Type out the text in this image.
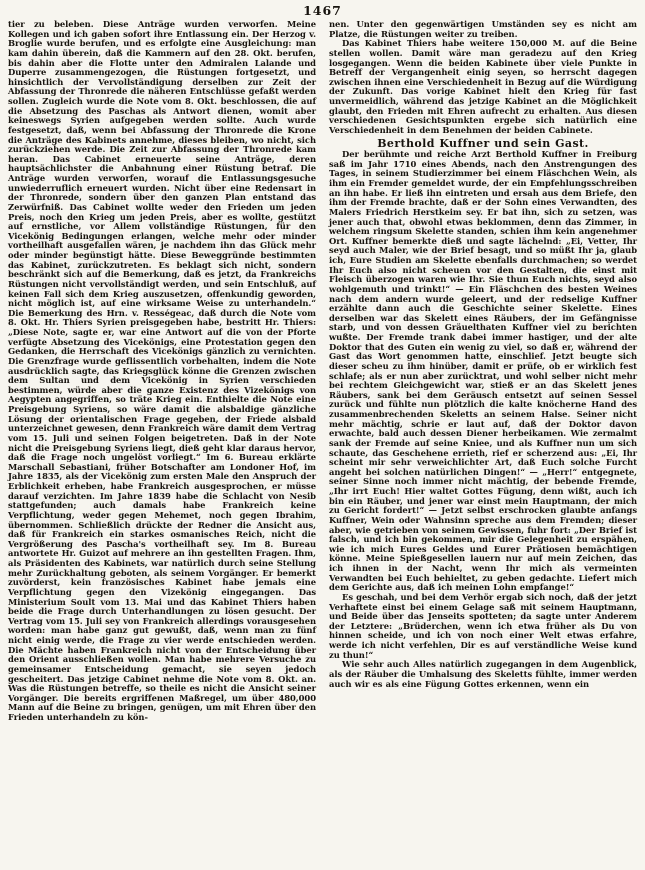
1467

tier zu beleben. Diese Anträge wurden verworfen. Meine Kollegen und ich gaben sofort ihre Entlassung ein. Der Herzog v. Broglie wurde berufen, und es erfolgte eine Ausgleichung: man kam dahin überein, daß die Kammern auf den 28. Okt. berufen, bis dahin aber die Flotte unter den Admiralen Lalande und Duperre zusammengezogen, die Rüstungen fortgesetzt, und hinsichtlich der Vervollständigung derselben zur Zeit der Abfassung der Thronrede die näheren Entschlüsse gefaßt werden sollen. Zugleich wurde die Note vom 8. Okt. beschlossen, die auf die Absetzung des Paschas als Antwort dienen, womit aber keineswegs Syrien aufgegeben werden sollte. Auch wurde festgesetzt, daß, wenn bei Abfassung der Thronrede die Krone die Anträge des Kabinets annehme, dieses bleiben, wo nicht, sich zurückziehen werde. Die Zeit zur Abfassung der Thronrede kam heran. Das Cabinet erneuerte seine Anträge, deren hauptsächlichster die Anbahnung einer Rüstung betraf. Die Anträge wurden verworfen, worauf die Entlassungsgesuche unwiederruflich erneuert wurden. Nicht über eine Redensart in der Thronrede, sondern über den ganzen Plan entstand das Zerwürfniß. Das Cabinet wollte weder den Frieden um jeden Preis, noch den Krieg um jeden Preis, aber es wollte, gestützt auf ernstliche, vor Allem vollständige Rüstungen, für den Vicekönig Bedingungen erlangen, welche mehr oder minder vortheilhaft ausgefallen wären, je nachdem ihn das Glück mehr oder minder begünstigt hätte. Diese Beweggründe bestimmten das Kabinet, zurückzutreten. Es beklagt sich nicht, sondern beschränkt sich auf die Bemerkung, daß es jetzt, da Frankreichs Rüstungen nicht vervollständigt werden, und sein Entschluß, auf keinen Fall sich dem Krieg auszusetzen, offenkundig geworden, nicht möglich ist, auf eine wirksame Weise zu unterhandeln.“ Die Bemerkung des Hrn. v. Rességeac, daß durch die Note vom 8. Okt. Hr. Thiers Syrien preisgegeben habe, bestritt Hr. Thiers: „Diese Note, sagte er, war eine Antwort auf die von der Pforte verfügte Absetzung des Vicekönigs, eine Protestation gegen den Gedanken, die Herrschaft des Vicekönigs gänzlich zu vernichten. Die Grenzfrage wurde geflissentlich vorbehalten, indem die Note ausdrücklich sagte, das Kriegsglück könne die Grenzen zwischen dem Sultan und dem Vicekönig in Syrien verschieden bestimmen, würde aber die ganze Existenz des Vizekönigs von Aegypten angegriffen, so träte Krieg ein. Enthielte die Note eine Preisgebung Syriens, so wäre damit die alsbaldige gänzliche Lösung der orientalischen Frage gegeben, der Friede alsbald unterzeichnet gewesen, denn Frankreich wäre damit dem Vertrag vom 15. Juli und seinen Folgen beigetreten. Daß in der Note nicht die Preisgebung Syriens liegt, dieß geht klar daraus hervor, daß die Frage noch ungelöst vorliegt.“ Im 6. Bureau erklärte Marschall Sebastiani, früher Botschafter am Londoner Hof, im Jahre 1835, als der Vicekönig zum ersten Male den Anspruch der Erblichkeit erheben, habe Frankreich ausgesprochen, er müsse darauf verzichten. Im Jahre 1839 habe die Schlacht von Nesib stattgefunden; auch damals habe Frankreich keine Verpflichtung, weder gegen Mehemet, noch gegen Ibrahim, übernommen. Schließlich drückte der Redner die Ansicht aus, daß für Frankreich ein starkes osmanisches Reich, nicht die Vergrößerung des Pascha's vortheilhaft sey. Im 8. Bureau antwortete Hr. Guizot auf mehrere an ihn gestellten Fragen. Ihm, als Präsidenten des Kabinets, war natürlich durch seine Stellung mehr Zurückhaltung geboten, als seinem Vorgänger. Er bemerkt zuvörderst, kein französisches Kabinet habe jemals eine Verpflichtung gegen den Vizekönig eingegangen. Das Ministerium Soult vom 13. Mai und das Kabinet Thiers haben beide die Frage durch Unterhandlungen zu lösen gesucht. Der Vertrag vom 15. Juli sey von Frankreich allerdings vorausgesehen worden: man habe ganz gut gewußt, daß, wenn man zu fünf nicht einig werde, die Frage zu vier werde entschieden werden. Die Mächte haben Frankreich nicht von der Entscheidung über den Orient ausschließen wollen. Man habe mehrere Versuche zu gemeinsamer Entscheidung gemacht, sie seyen jedoch gescheitert. Das jetzige Cabinet nehme die Note vom 8. Okt. an. Was die Rüstungen betreffe, so theile es nicht die Ansicht seiner Vorgänger. Die bereits ergriffenen Maßregel, um über 480,000 Mann auf die Beine zu bringen, genügen, um mit Ehren über den Frieden unterhandeln zu kön-

nen. Unter den gegenwärtigen Umständen sey es nicht am Platze, die Rüstungen weiter zu treiben.

Das Kabinet Thiers habe weitere 150,000 M. auf die Beine stellen wollen. Damit wäre man geradezu auf den Krieg losgegangen. Wenn die beiden Kabinete über viele Punkte in Betreff der Vergangenheit einig seyen, so herrscht dagegen zwischen ihnen eine Verschiedenheit in Bezug auf die Würdigung der Zukunft. Das vorige Kabinet hielt den Krieg für fast unvermeidlich, während das jetzige Kabinet an die Möglichkeit glaubt, den Frieden mit Ehren aufrecht zu erhalten. Aus diesen verschiedenen Gesichtspunkten ergebe sich natürlich eine Verschiedenheit in dem Benehmen der beiden Cabinete.

Berthold Kuffner und sein Gast.

Der berühmte und reiche Arzt Berthold Kuffner in Freiburg saß im Jahr 1710 eines Abends, nach den Anstrengungen des Tages, in seinem Studierzimmer bei einem Fläschchen Wein, als ihm ein Fremder gemeldet wurde, der ein Empfehlungsschreiben an ihn habe. Er ließ ihn eintreten und ersah aus dem Briefe, den ihm der Fremde brachte, daß er der Sohn eines Verwandten, des Malers Friedrich Herstkeim sey. Er bat ihn, sich zu setzen, was jener auch that, obwohl etwas beklommen, denn das Zimmer, in welchem ringsum Skelette standen, schien ihm kein angenehmer Ort. Kuffner bemerkte dieß und sagte lächelnd: „Ei, Vetter, Ihr seyd auch Maler, wie der Brief besagt, und so müßt Ihr ja, glaub ich, Eure Studien am Skelette ebenfalls durchmachen; so werdet Ihr Euch also nicht scheuen vor den Gestalten, die einst mit Fleisch überzogen waren wie Ihr. Sie thun Euch nichts, seyd also wohlgemuth und trinkt!“ — Ein Fläschchen des besten Weines nach dem andern wurde geleert, und der redselige Kuffner erzählte dann auch die Geschichte seiner Skelette. Eines derselben war das Skelett eines Räubers, der im Gefängnisse starb, und von dessen Gräuelthaten Kuffner viel zu berichten wußte. Der Fremde trank dabei immer hastiger, und der alte Doktor that des Guten ein wenig zu viel, so daß er, während der Gast das Wort genommen hatte, einschlief. Jetzt beugte sich dieser scheu zu ihm hinüber, damit er prüfe, ob er wirklich fest schlafe; als er nun aber zurücktrat, und wohl selber nicht mehr bei rechtem Gleichgewicht war, stieß er an das Skelett jenes Räubers, sank bei dem Geräusch entsetzt auf seinen Sessel zurück und fühlte nun plötzlich die kalte knöcherne Hand des zusammenbrechenden Skeletts an seinem Halse. Seiner nicht mehr mächtig, schrie er laut auf, daß der Doktor davon erwachte, bald auch dessen Diener herbeikamen. Wie zermalmt sank der Fremde auf seine Kniee, und als Kuffner nun um sich schaute, das Geschehene errieth, rief er scherzend aus: „Ei, Ihr scheint mir sehr verweichlichter Art, daß Euch solche Furcht angeht bei solchen natürlichen Dingen!“ — „Herr!“ entgegnete, seiner Sinne noch immer nicht mächtig, der bebende Fremde, „Ihr irrt Euch! Hier waltet Gottes Fügung, denn wißt, auch ich bin ein Räuber, und jener war einst mein Hauptmann, der mich zu Gericht fordert!“ — Jetzt selbst erschrocken glaubte anfangs Kuffner, Wein oder Wahnsinn spreche aus dem Fremden; dieser aber, wie getrieben von seinem Gewissen, fuhr fort: „Der Brief ist falsch, und ich bin gekommen, mir die Gelegenheit zu erspähen, wie ich mich Eures Geldes und Eurer Prätiosen bemächtigen könne. Meine Spießgesellen lauern nur auf mein Zeichen, das ich ihnen in der Nacht, wenn Ihr mich als vermeinten Verwandten bei Euch behieltet, zu geben gedachte. Liefert mich dem Gerichte aus, daß ich meinen Lohn empfange!“

Es geschah, und bei dem Verhör ergab sich noch, daß der jetzt Verhaftete einst bei einem Gelage saß mit seinem Hauptmann, und Beide über das Jenseits spotteten; da sagte unter Anderem der Letztere: „Brüderchen, wenn ich etwa früher als Du von hinnen scheide, und ich von noch einer Welt etwas erfahre, werde ich nicht verfehlen, Dir es auf verständliche Weise kund zu thun!“

Wie sehr auch Alles natürlich zugegangen in dem Augenblick, als der Räuber die Umhalsung des Skeletts fühlte, immer werden auch wir es als eine Fügung Gottes erkennen, wenn ein
